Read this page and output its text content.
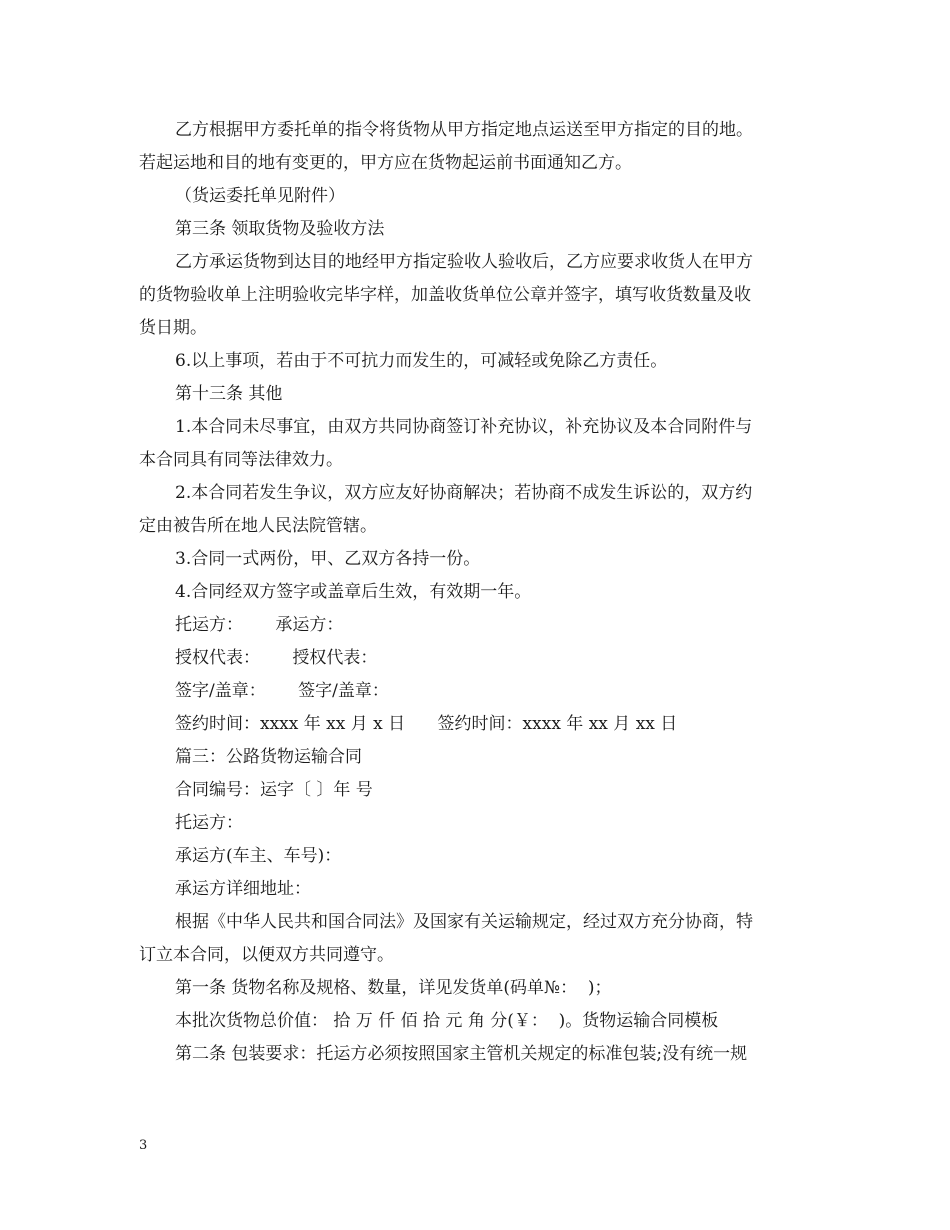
乙方根据甲方委托单的指令将货物从甲方指定地点运送至甲方指定的目的地。
若起运地和目的地有变更的，甲方应在货物起运前书面通知乙方。
（货运委托单见附件）
第三条 领取货物及验收方法
乙方承运货物到达目的地经甲方指定验收人验收后，乙方应要求收货人在甲方
的货物验收单上注明验收完毕字样，加盖收货单位公章并签字，填写收货数量及收
货日期。
6.以上事项，若由于不可抗力而发生的，可减轻或免除乙方责任。
第十三条 其他
1.本合同未尽事宜，由双方共同协商签订补充协议，补充协议及本合同附件与
本合同具有同等法律效力。
2.本合同若发生争议，双方应友好协商解决；若协商不成发生诉讼的，双方约
定由被告所在地人民法院管辖。
3.合同一式两份，甲、乙双方各持一份。
4.合同经双方签字或盖章后生效，有效期一年。
托运方：      承运方：
授权代表：      授权代表：
签字/盖章：      签字/盖章：
签约时间：xxxx 年 xx 月 x 日      签约时间：xxxx 年 xx 月 xx 日
篇三：公路货物运输合同
合同编号：运字〔 〕年 号
托运方：
承运方(车主、车号)：
承运方详细地址：
根据《中华人民共和国合同法》及国家有关运输规定，经过双方充分协商，特
订立本合同，以便双方共同遵守。
第一条 货物名称及规格、数量，详见发货单(码单№：  )；
本批次货物总价值： 拾 万 仟 佰 拾 元 角 分(￥：  )。货物运输合同模板
第二条 包装要求：托运方必须按照国家主管机关规定的标准包装;没有统一规
3
